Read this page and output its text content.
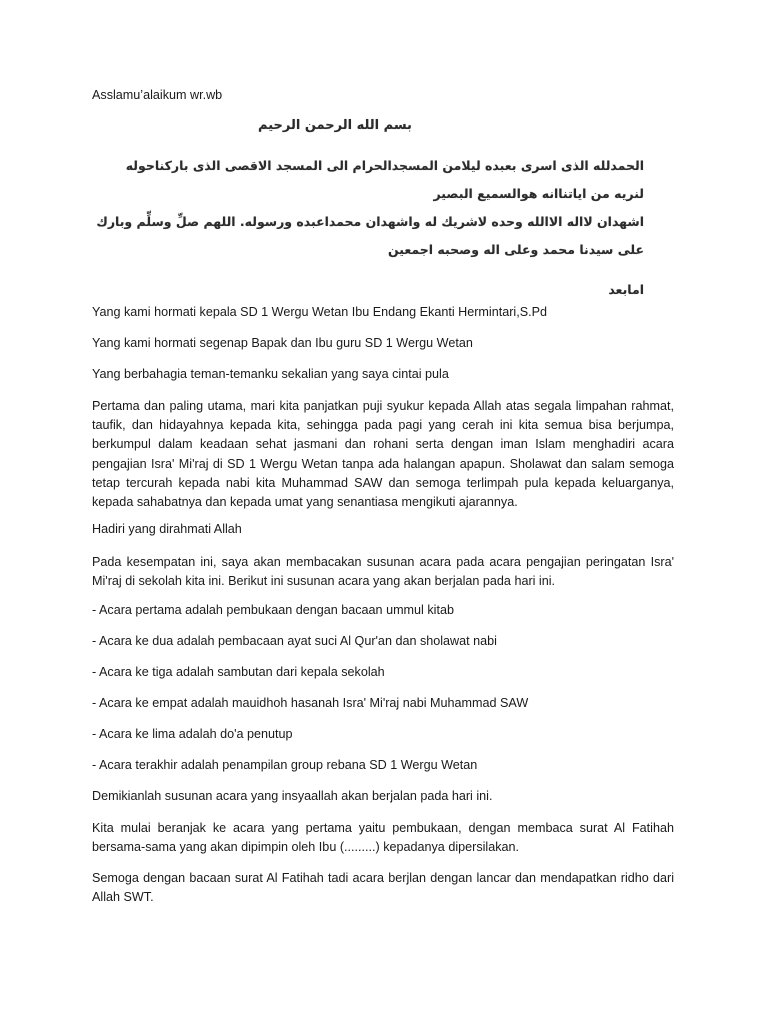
Asslamu’alaikum wr.wb
بسم الله الرحمن الرحيم
الحمدلله الذى اسرى بعبده ليلامن المسجدالحرام الى المسجد الاقصى الذى باركناحوله لنريه من اياتناانه هوالسميع البصير
اشهدان لااله الاالله وحده لاشريك له واشهدان محمداعبده ورسوله. اللهم صلِّ وسلِّم وبارك على سيدنا محمد وعلى اله وصحبه اجمعين
امابعد
Yang kami hormati kepala SD 1 Wergu Wetan Ibu Endang Ekanti Hermintari,S.Pd
Yang kami hormati segenap Bapak dan Ibu guru SD 1 Wergu Wetan
Yang berbahagia teman-temanku sekalian yang saya cintai pula
Pertama dan paling utama, mari kita panjatkan puji syukur kepada Allah atas segala limpahan rahmat, taufik, dan hidayahnya kepada kita, sehingga pada pagi yang cerah ini kita semua bisa berjumpa, berkumpul dalam keadaan sehat jasmani dan rohani serta dengan iman Islam menghadiri acara pengajian Isra' Mi'raj di SD 1 Wergu Wetan tanpa ada halangan apapun. Sholawat dan salam semoga tetap tercurah kepada nabi kita Muhammad SAW dan semoga terlimpah pula kepada keluarganya, kepada sahabatnya dan kepada umat yang senantiasa mengikuti ajarannya.
Hadiri yang dirahmati Allah
Pada kesempatan ini, saya akan membacakan susunan acara pada acara pengajian peringatan Isra' Mi'raj di sekolah kita ini. Berikut ini susunan acara yang akan berjalan pada hari ini.
- Acara pertama adalah pembukaan dengan bacaan ummul kitab
- Acara ke dua adalah pembacaan ayat suci Al Qur'an dan sholawat nabi
- Acara ke tiga adalah sambutan dari kepala sekolah
- Acara ke empat adalah mauidhoh hasanah Isra' Mi'raj nabi Muhammad SAW
- Acara ke lima adalah do'a penutup
- Acara terakhir adalah penampilan group rebana SD 1 Wergu Wetan
Demikianlah susunan acara yang insyaallah akan berjalan pada hari ini.
Kita mulai beranjak ke acara yang pertama yaitu pembukaan, dengan membaca surat Al Fatihah bersama-sama yang akan dipimpin oleh Ibu (.........) kepadanya dipersilakan.
Semoga dengan bacaan surat Al Fatihah tadi acara berjlan dengan lancar dan mendapatkan ridho dari Allah SWT.
